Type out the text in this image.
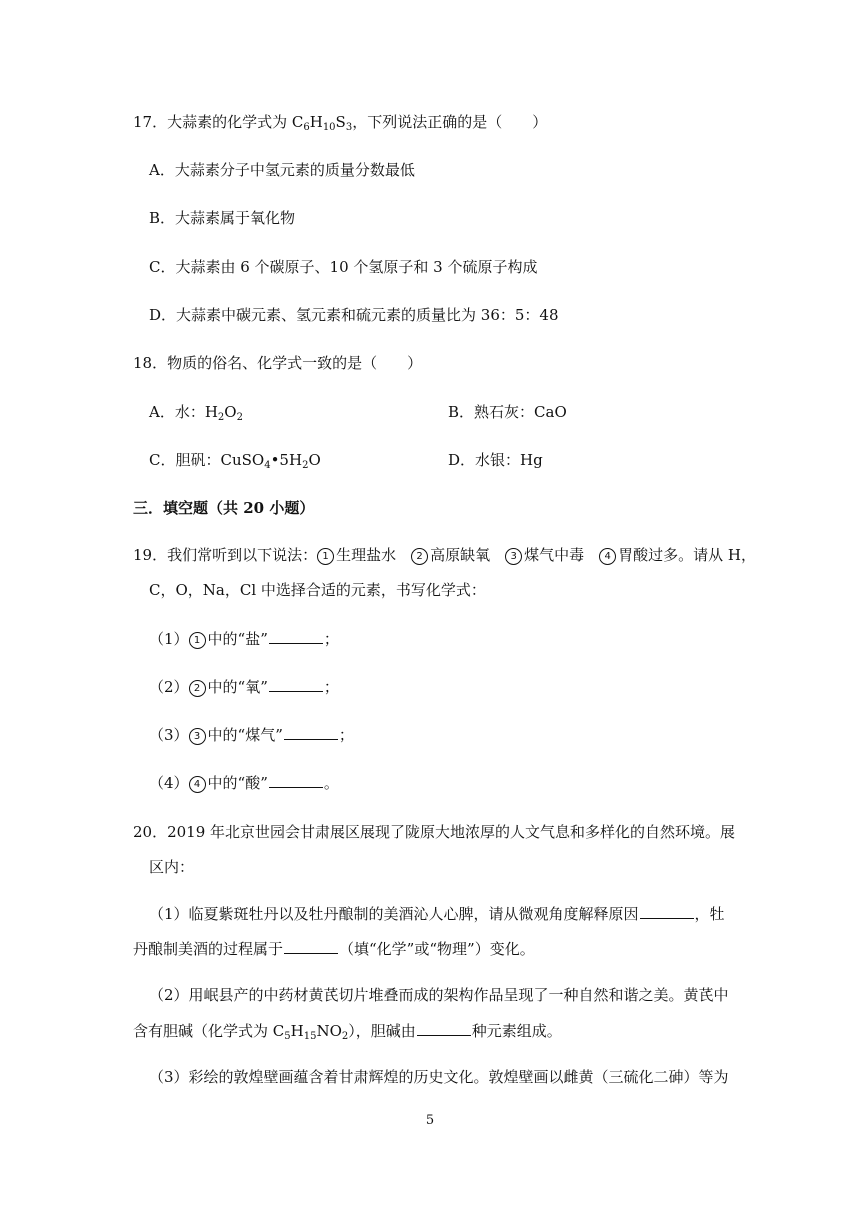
17．大蒜素的化学式为 $C_6H_{10}S_3$，下列说法正确的是（ ）
A．大蒜素分子中氢元素的质量分数最低
B．大蒜素属于氧化物
C．大蒜素由 6 个碳原子、10 个氢原子和 3 个硫原子构成
D．大蒜素中碳元素、氢元素和硫元素的质量比为 36：5：48
18．物质的俗名、化学式一致的是（ ）
A．水：$H_2O_2$	B．熟石灰：CaO
C．胆矾：$CuSO_4•5H_2O$	D．水银：Hg
三．填空题（共 20 小题）
19．我们常听到以下说法： 1 生理盐水　2 高原缺氧　3 煤气中毒　4 胃酸过多。请从 H，
C，O，Na，Cl 中选择合适的元素，书写化学式：
（1） 1 中的“盐”	；
（2） 2 中的“氧”	；
（3） 3 中的“煤气”	；
（4） 4 中的“酸”	。
20．2019 年北京世园会甘肃展区展现了陇原大地浓厚的人文气息和多样化的自然环境。展
区内：
（1）临夏紫斑牡丹以及牡丹酿制的美酒沁人心脾，请从微观角度解释原因	，牡
丹酿制美酒的过程属于	（填“化学”或“物理”）变化。
（2）用岷县产的中药材黄芪切片堆叠而成的架构作品呈现了一种自然和谐之美。黄芪中
含有胆碱（化学式为 $C_5H_{15}NO_2$），胆碱由	种元素组成。
（3）彩绘的敦煌壁画蕴含着甘肃辉煌的历史文化。敦煌壁画以雌黄（三硫化二砷）等为
5
